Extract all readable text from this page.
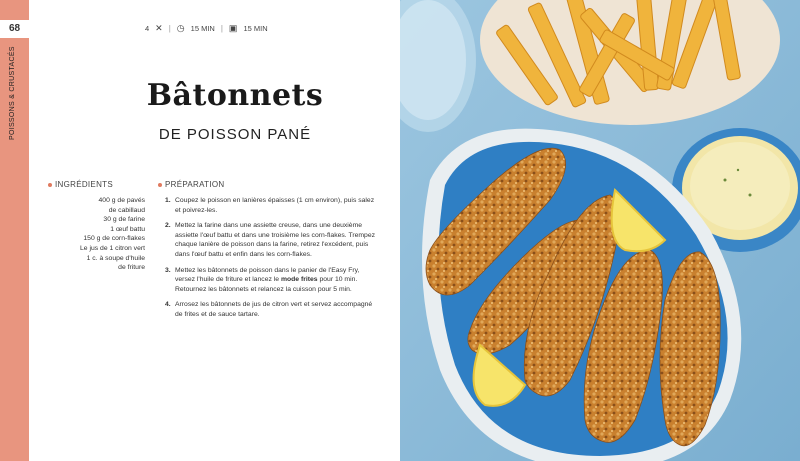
68
POISSONS & CRUSTACÉS
4 ✕ | ◷ 15 MIN | ▣ 15 MIN
Bâtonnets
DE POISSON PANÉ
INGRÉDIENTS
400 g de pavés
de cabillaud
30 g de farine
1 œuf battu
150 g de corn-flakes
Le jus de 1 citron vert
1 c. à soupe d'huile
de friture
PRÉPARATION
1. Coupez le poisson en lanières épaisses (1 cm environ), puis salez et poivrez-les.
2. Mettez la farine dans une assiette creuse, dans une deuxième assiette l'œuf battu et dans une troisième les corn-flakes. Trempez chaque lanière de poisson dans la farine, retirez l'excédent, puis dans l'œuf battu et enfin dans les corn-flakes.
3. Mettez les bâtonnets de poisson dans le panier de l'Easy Fry, versez l'huile de friture et lancez le mode frites pour 10 min. Retournez les bâtonnets et relancez la cuisson pour 5 min.
4. Arrosez les bâtonnets de jus de citron vert et servez accompagné de frites et de sauce tartare.
